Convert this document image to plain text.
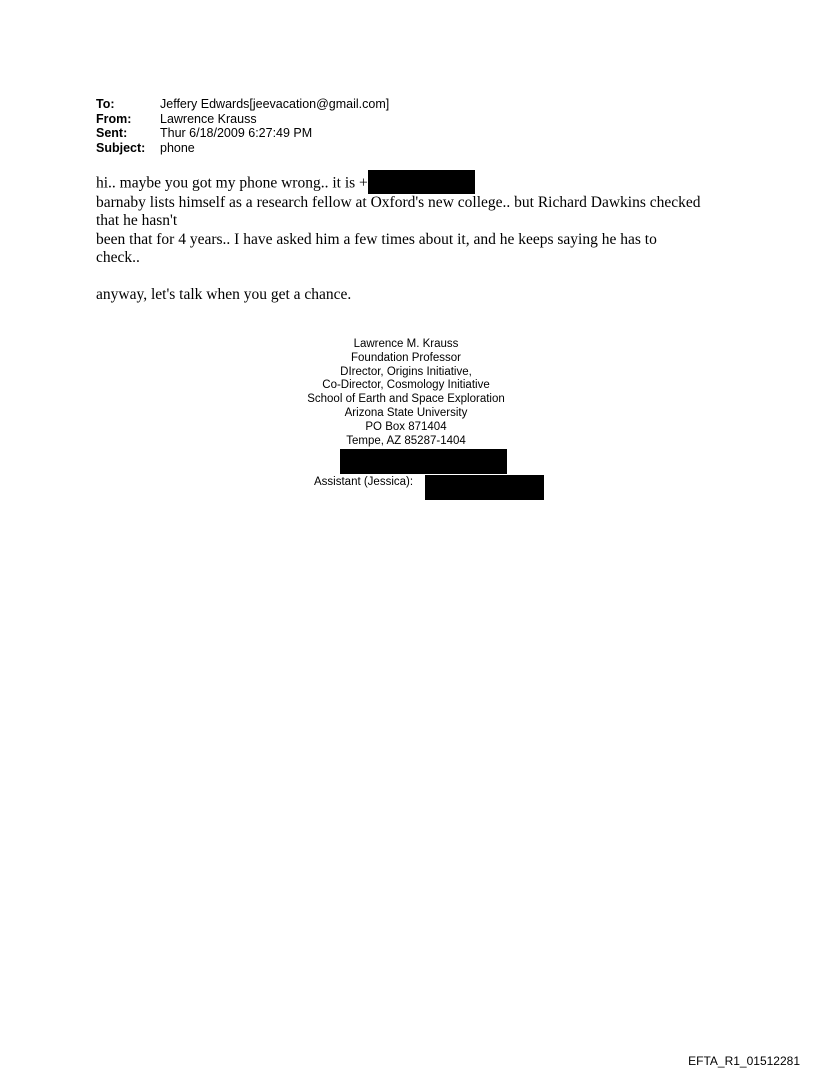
To:	Jeffery Edwards[jeevacation@gmail.com]
From:	Lawrence Krauss
Sent:	Thur 6/18/2009 6:27:49 PM
Subject:	phone
hi.. maybe you got my phone wrong.. it is +
barnaby lists himself as a research fellow at Oxford's new college.. but Richard Dawkins checked
that he hasn't
been that for 4 years.. I have asked him a few times about it, and he keeps saying he has to
check..
anyway, let's talk when you get a chance.
Lawrence M. Krauss
Foundation Professor
DIrector, Origins Initiative,
Co-Director, Cosmology Initiative
School of Earth and Space Exploration
Arizona State University
PO Box 871404
Tempe, AZ 85287-1404
Assistant (Jessica):
EFTA_R1_01512281
